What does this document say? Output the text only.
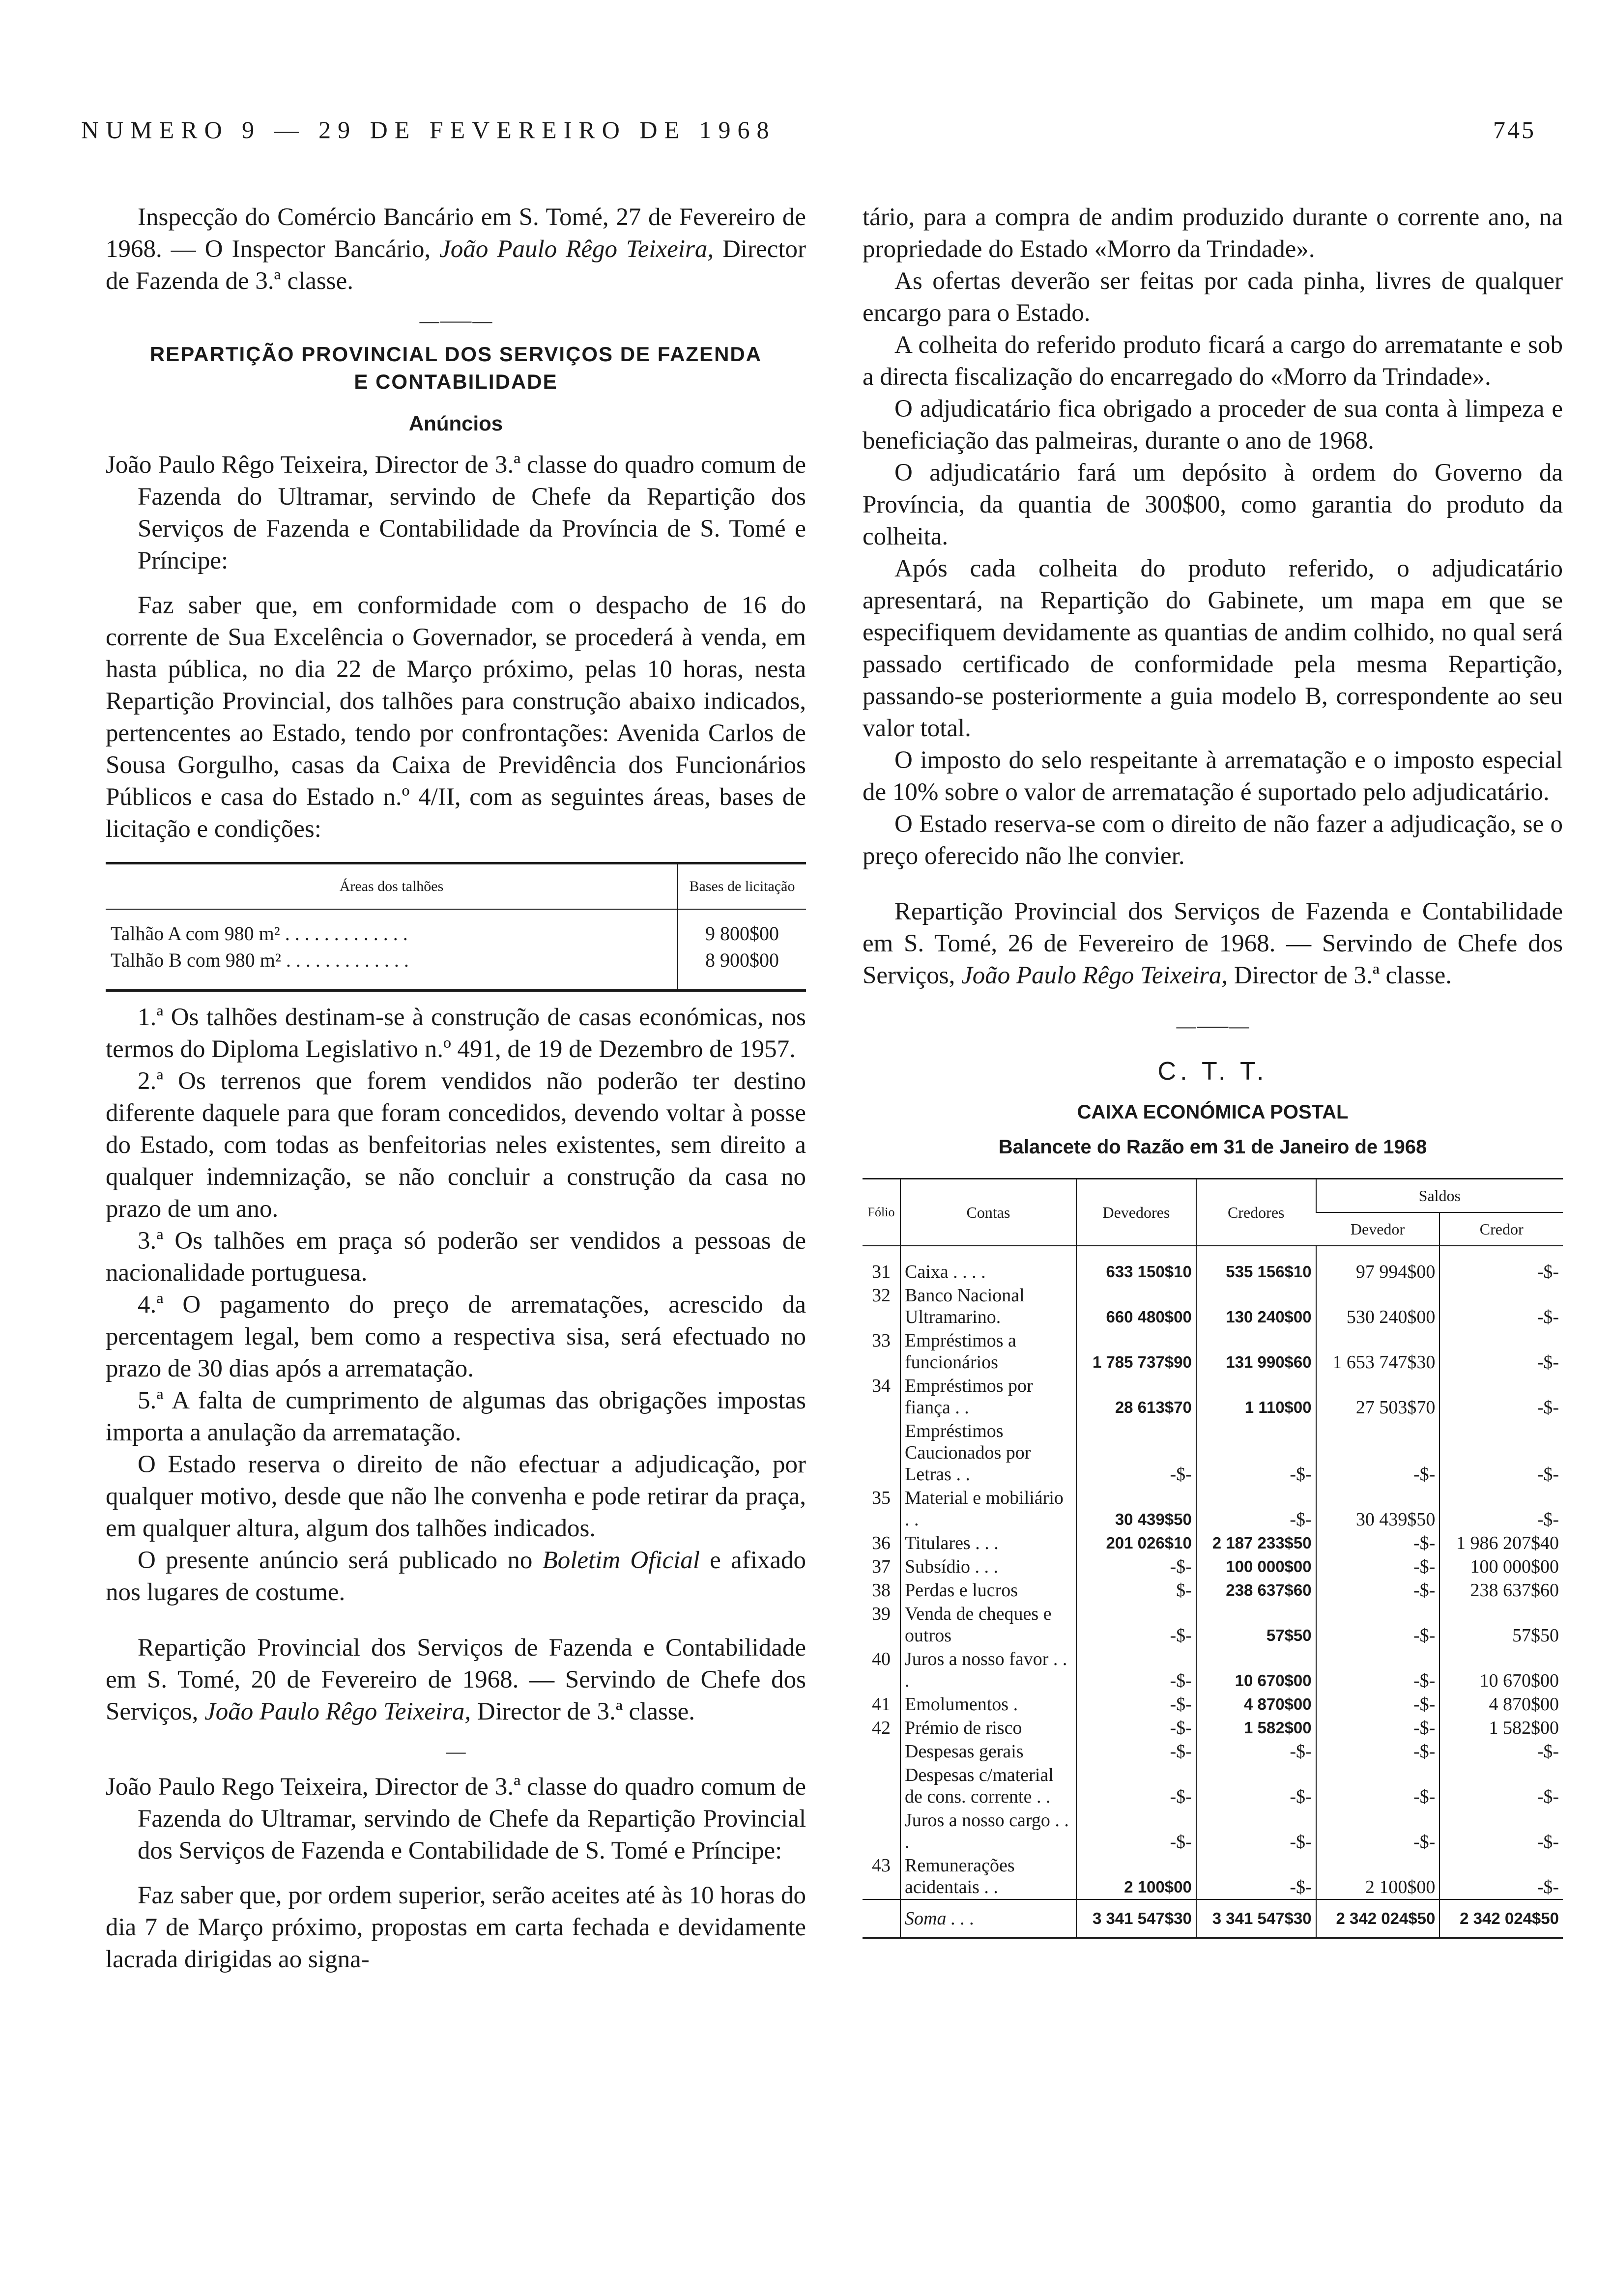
NUMERO 9 — 29 DE FEVEREIRO DE 1968	745

Inspecção do Comércio Bancário em S. Tomé, 27 de Fevereiro de 1968. — O Inspector Bancário, João Paulo Rêgo Teixeira, Director de Fazenda de 3.ª classe.

—⸺—
REPARTIÇÃO PROVINCIAL DOS SERVIÇOS DE FAZENDA
E CONTABILIDADE
Anúncios

João Paulo Rêgo Teixeira, Director de 3.ª classe do quadro comum de Fazenda do Ultramar, servindo de Chefe da Repartição dos Serviços de Fazenda e Contabilidade da Província de S. Tomé e Príncipe:

Faz saber que, em conformidade com o despacho de 16 do corrente de Sua Excelência o Governador, se procederá à venda, em hasta pública, no dia 22 de Março próximo, pelas 10 horas, nesta Repartição Provincial, dos talhões para construção abaixo indicados, pertencentes ao Estado, tendo por confrontações: Avenida Carlos de Sousa Gorgulho, casas da Caixa de Previdência dos Funcionários Públicos e casa do Estado n.º 4/II, com as seguintes áreas, bases de licitação e condições:

Áreas dos talhões	Bases de licitação
Talhão A com 980 m² . . . . . . . . . . . . .	9 800$00
Talhão B com 980 m² . . . . . . . . . . . . .	8 900$00

1.ª Os talhões destinam-se à construção de casas económicas, nos termos do Diploma Legislativo n.º 491, de 19 de Dezembro de 1957.

2.ª Os terrenos que forem vendidos não poderão ter destino diferente daquele para que foram concedidos, devendo voltar à posse do Estado, com todas as benfeitorias neles existentes, sem direito a qualquer indemnização, se não concluir a construção da casa no prazo de um ano.

3.ª Os talhões em praça só poderão ser vendidos a pessoas de nacionalidade portuguesa.

4.ª O pagamento do preço de arrematações, acrescido da percentagem legal, bem como a respectiva sisa, será efectuado no prazo de 30 dias após a arrematação.

5.ª A falta de cumprimento de algumas das obrigações impostas importa a anulação da arrematação.

O Estado reserva o direito de não efectuar a adjudicação, por qualquer motivo, desde que não lhe convenha e pode retirar da praça, em qualquer altura, algum dos talhões indicados.

O presente anúncio será publicado no Boletim Oficial e afixado nos lugares de costume.

Repartição Provincial dos Serviços de Fazenda e Contabilidade em S. Tomé, 20 de Fevereiro de 1968. — Servindo de Chefe dos Serviços, João Paulo Rêgo Teixeira, Director de 3.ª classe.

—

João Paulo Rego Teixeira, Director de 3.ª classe do quadro comum de Fazenda do Ultramar, servindo de Chefe da Repartição Provincial dos Serviços de Fazenda e Contabilidade de S. Tomé e Príncipe:

Faz saber que, por ordem superior, serão aceites até às 10 horas do dia 7 de Março próximo, propostas em carta fechada e devidamente lacrada dirigidas ao signa-

tário, para a compra de andim produzido durante o corrente ano, na propriedade do Estado «Morro da Trindade».

As ofertas deverão ser feitas por cada pinha, livres de qualquer encargo para o Estado.

A colheita do referido produto ficará a cargo do arrematante e sob a directa fiscalização do encarregado do «Morro da Trindade».

O adjudicatário fica obrigado a proceder de sua conta à limpeza e beneficiação das palmeiras, durante o ano de 1968.

O adjudicatário fará um depósito à ordem do Governo da Província, da quantia de 300$00, como garantia do produto da colheita.

Após cada colheita do produto referido, o adjudicatário apresentará, na Repartição do Gabinete, um mapa em que se especifiquem devidamente as quantias de andim colhido, no qual será passado certificado de conformidade pela mesma Repartição, passando-se posteriormente a guia modelo B, correspondente ao seu valor total.

O imposto do selo respeitante à arrematação e o imposto especial de 10% sobre o valor de arrematação é suportado pelo adjudicatário.

O Estado reserva-se com o direito de não fazer a adjudicação, se o preço oferecido não lhe convier.

Repartição Provincial dos Serviços de Fazenda e Contabilidade em S. Tomé, 26 de Fevereiro de 1968. — Servindo de Chefe dos Serviços, João Paulo Rêgo Teixeira, Director de 3.ª classe.

—⸺—
C. T. T.
CAIXA ECONÓMICA POSTAL
Balancete do Razão em 31 de Janeiro de 1968
Fólio	Contas	Devedores	Credores	Saldos	
				Devedor	Credor
31	Caixa . . . .	633 150$10	535 156$10	97 994$00	-$-
32	Banco Nacional Ultramarino.	660 480$00	130 240$00	530 240$00	-$-
33	Empréstimos a funcionários	1 785 737$90	131 990$60	1 653 747$30	-$-
34	Empréstimos por fiança . .	28 613$70	1 110$00	27 503$70	-$-
	Empréstimos Caucionados por Letras . .	-$-	-$-	-$-	-$-
35	Material e mobiliário . .	30 439$50	-$-	30 439$50	-$-
36	Titulares . . .	201 026$10	2 187 233$50	-$-	1 986 207$40
37	Subsídio . . .	-$-	100 000$00	-$-	100 000$00
38	Perdas e lucros	$-	238 637$60	-$-	238 637$60
39	Venda de cheques e outros	-$-	57$50	-$-	57$50
40	Juros a nosso favor . . .	-$-	10 670$00	-$-	10 670$00
41	Emolumentos .	-$-	4 870$00	-$-	4 870$00
42	Prémio de risco	-$-	1 582$00	-$-	1 582$00
	Despesas gerais	-$-	-$-	-$-	-$-
	Despesas c/material de cons. corrente . .	-$-	-$-	-$-	-$-
	Juros a nosso cargo . . .	-$-	-$-	-$-	-$-
43	Remunerações acidentais . .	2 100$00	-$-	2 100$00	-$-
	Soma . . .	3 341 547$30	3 341 547$30	2 342 024$50	2 342 024$50
